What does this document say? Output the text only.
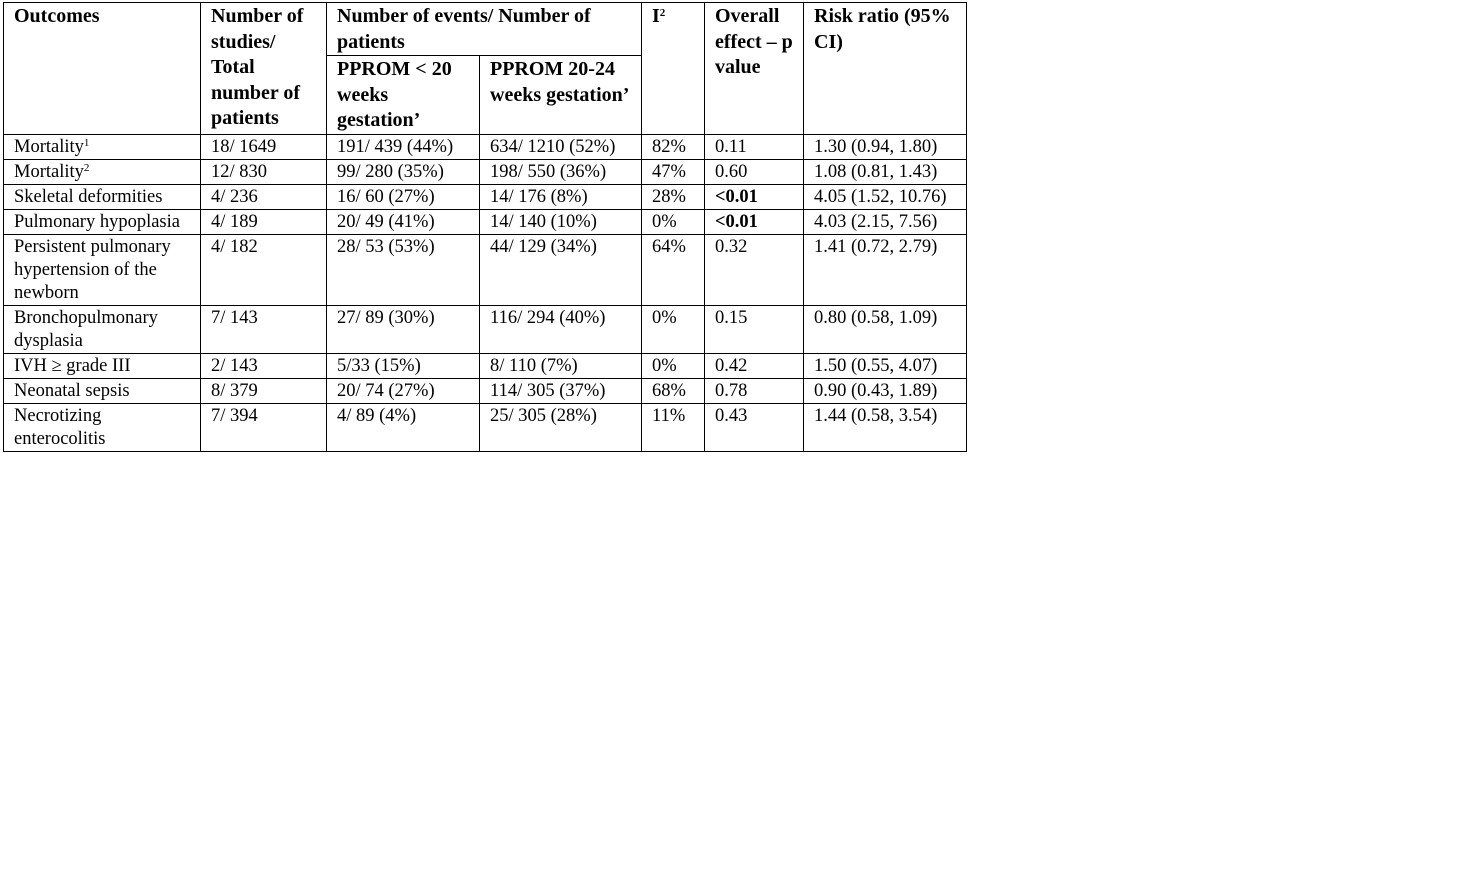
Outcomes	Number of studies/ Total number of patients	Number of events/ Number of patients		$I^2$	Overall effect – p value	Risk ratio (95% CI)
		PPROM < 20 weeks gestation’	PPROM 20-24 weeks gestation’			
Mortality$^1$	18/ 1649	191/ 439 (44%)	634/ 1210 (52%)	82%	0.11	1.30 (0.94, 1.80)
Mortality$^2$	12/ 830	99/ 280 (35%)	198/ 550 (36%)	47%	0.60	1.08 (0.81, 1.43)
Skeletal deformities	4/ 236	16/ 60 (27%)	14/ 176 (8%)	28%	<0.01	4.05 (1.52, 10.76)
Pulmonary hypoplasia	4/ 189	20/ 49 (41%)	14/ 140 (10%)	0%	<0.01	4.03 (2.15, 7.56)
Persistent pulmonary hypertension of the newborn	4/ 182	28/ 53 (53%)	44/ 129 (34%)	64%	0.32	1.41 (0.72, 2.79)
Bronchopulmonary dysplasia	7/ 143	27/ 89 (30%)	116/ 294 (40%)	0%	0.15	0.80 (0.58, 1.09)
IVH ≥ grade III	2/ 143	5/33 (15%)	8/ 110 (7%)	0%	0.42	1.50 (0.55, 4.07)
Neonatal sepsis	8/ 379	20/ 74 (27%)	114/ 305 (37%)	68%	0.78	0.90 (0.43, 1.89)
Necrotizing enterocolitis	7/ 394	4/ 89 (4%)	25/ 305 (28%)	11%	0.43	1.44 (0.58, 3.54)
